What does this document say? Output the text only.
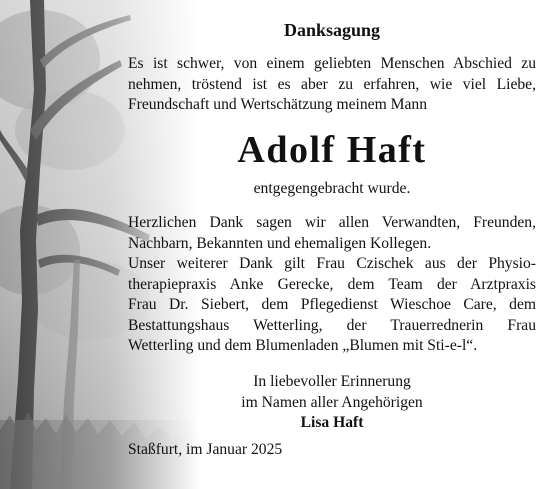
Danksagung
Es ist schwer, von einem geliebten Menschen Abschied zu
nehmen, tröstend ist es aber zu erfahren, wie viel Liebe,
Freundschaft und Wertschätzung meinem Mann
Adolf Haft
entgegengebracht wurde.
Herzlichen Dank sagen wir allen Verwandten, Freunden,
Nachbarn, Bekannten und ehemaligen Kollegen.
Unser weiterer Dank gilt Frau Czischek aus der Physio-
therapiepraxis Anke Gerecke, dem Team der Arztpraxis
Frau Dr. Siebert, dem Pflegedienst Wieschoe Care, dem
Bestattungshaus Wetterling, der Trauerrednerin Frau
Wetterling und dem Blumenladen „Blumen mit Sti-e-l“.
In liebevoller Erinnerung
im Namen aller Angehörigen
Lisa Haft
Staßfurt, im Januar 2025
